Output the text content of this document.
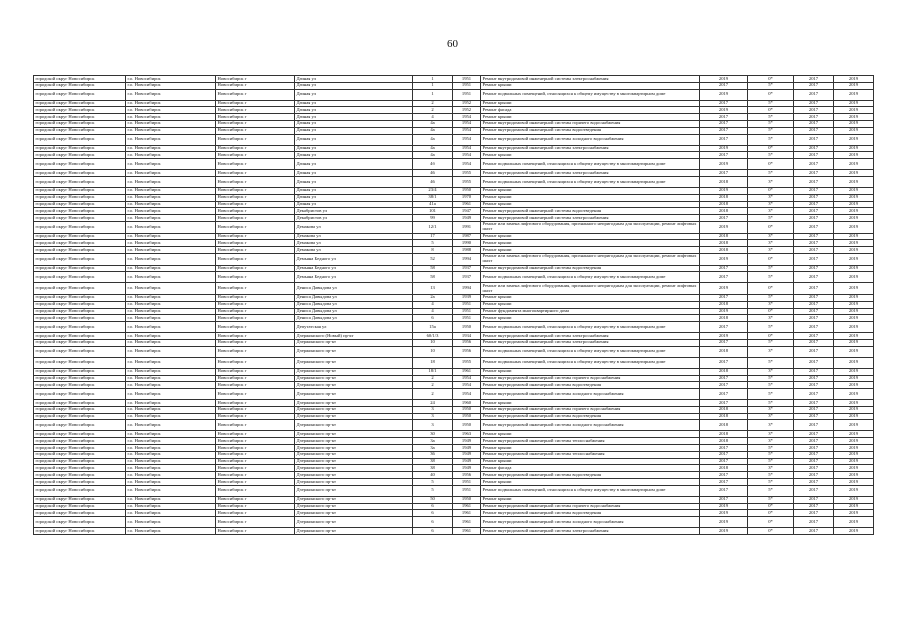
60
городской округ Новосибирск	г.о. Новосибирск	Новосибирск г	Дачная ул	1	1951	Ремонт внутридомовой инженерной системы электроснабжения	2019	0*	2017	2019
городской округ Новосибирск	г.о. Новосибирск	Новосибирск г	Дачная ул	1	1951	Ремонт крыши	2017	5*	2017	2019
городской округ Новосибирск	г.о. Новосибирск	Новосибирск г	Дачная ул	1	1951	Ремонт подвальных помещений, относящихся к общему имуществу в многоквартирном доме	2019	0*	2017	2019
городской округ Новосибирск	г.о. Новосибирск	Новосибирск г	Дачная ул	2	1952	Ремонт крыши	2017	5*	2017	2019
городской округ Новосибирск	г.о. Новосибирск	Новосибирск г	Дачная ул	2	1952	Ремонт фасада	2019	0*	2017	2019
городской округ Новосибирск	г.о. Новосибирск	Новосибирск г	Дачная ул	4	1954	Ремонт крыши	2017	5*	2017	2019
городской округ Новосибирск	г.о. Новосибирск	Новосибирск г	Дачная ул	4а	1954	Ремонт внутридомовой инженерной системы горячего водоснабжения	2017	5*	2017	2019
городской округ Новосибирск	г.о. Новосибирск	Новосибирск г	Дачная ул	4а	1954	Ремонт внутридомовой инженерной системы водоотведения	2017	5*	2017	2019
городской округ Новосибирск	г.о. Новосибирск	Новосибирск г	Дачная ул	4а	1954	Ремонт внутридомовой инженерной системы холодного водоснабжения	2017	5*	2017	2019
городской округ Новосибирск	г.о. Новосибирск	Новосибирск г	Дачная ул	4а	1954	Ремонт внутридомовой инженерной системы электроснабжения	2019	0*	2017	2019
городской округ Новосибирск	г.о. Новосибирск	Новосибирск г	Дачная ул	4а	1954	Ремонт крыши	2017	5*	2017	2019
городской округ Новосибирск	г.о. Новосибирск	Новосибирск г	Дачная ул	4б	1954	Ремонт подвальных помещений, относящихся к общему имуществу в многоквартирном доме	2019	0*	2017	2019
городской округ Новосибирск	г.о. Новосибирск	Новосибирск г	Дачная ул	46	1955	Ремонт внутридомовой инженерной системы электроснабжения	2017	5*	2017	2019
городской округ Новосибирск	г.о. Новосибирск	Новосибирск г	Дачная ул	46	1955	Ремонт подвальных помещений, относящихся к общему имуществу в многоквартирном доме	2018	3*	2017	2019
городской округ Новосибирск	г.о. Новосибирск	Новосибирск г	Дачная ул	23/4	1950	Ремонт крыши	2019	0*	2017	2019
городской округ Новосибирск	г.о. Новосибирск	Новосибирск г	Дачная ул	38/1	1970	Ремонт крыши	2018	3*	2017	2019
городской округ Новосибирск	г.о. Новосибирск	Новосибирск г	Дачная ул	41а	1961	Ремонт крыши	2018	3*	2017	2019
городской округ Новосибирск	г.о. Новосибирск	Новосибирск г	Декабристов ул	101	1947	Ремонт внутридомовой инженерной системы водоотведения	2018	3*	2017	2019
городской округ Новосибирск	г.о. Новосибирск	Новосибирск г	Декабристов ул	99	1949	Ремонт внутридомовой инженерной системы электроснабжения	2017	5*	2017	2019
городской округ Новосибирск	г.о. Новосибирск	Новосибирск г	Демакова ул	12/1	1991	Ремонт или замена лифтового оборудования, признанного непригодным для эксплуатации, ремонт лифтовых шахт	2019	0*	2017	2019
городской округ Новосибирск	г.о. Новосибирск	Новосибирск г	Демакова ул	17	1987	Ремонт крыши	2018	3*	2017	2019
городской округ Новосибирск	г.о. Новосибирск	Новосибирск г	Демакова ул	5	1990	Ремонт крыши	2018	3*	2017	2019
городской округ Новосибирск	г.о. Новосибирск	Новосибирск г	Демакова ул	8	1988	Ремонт крыши	2018	3*	2017	2019
городской округ Новосибирск	г.о. Новосибирск	Новосибирск г	Демьяна Бедного ул	52	1994	Ремонт или замена лифтового оборудования, признанного непригодным для эксплуатации, ремонт лифтовых шахт	2019	0*	2017	2019
городской округ Новосибирск	г.о. Новосибирск	Новосибирск г	Демьяна Бедного ул	58	1937	Ремонт внутридомовой инженерной системы водоотведения	2017	5*	2017	2019
городской округ Новосибирск	г.о. Новосибирск	Новосибирск г	Демьяна Бедного ул	58	1937	Ремонт подвальных помещений, относящихся к общему имуществу в многоквартирном доме	2017	5*	2017	2019
городской округ Новосибирск	г.о. Новосибирск	Новосибирск г	Дениса Давыдова ул	13	1994	Ремонт или замена лифтового оборудования, признанного непригодным для эксплуатации, ремонт лифтовых шахт	2019	0*	2017	2019
городской округ Новосибирск	г.о. Новосибирск	Новосибирск г	Дениса Давыдова ул	2а	1939	Ремонт крыши	2017	5*	2017	2019
городской округ Новосибирск	г.о. Новосибирск	Новосибирск г	Дениса Давыдова ул	4	1951	Ремонт крыши	2018	3*	2017	2019
городской округ Новосибирск	г.о. Новосибирск	Новосибирск г	Дениса Давыдова ул	4	1951	Ремонт фундамента многоквартирного дома	2019	0*	2017	2019
городской округ Новосибирск	г.о. Новосибирск	Новосибирск г	Дениса Давыдова ул	6	1951	Ремонт крыши	2018	3*	2017	2019
городской округ Новосибирск	г.о. Новосибирск	Новосибирск г	Депутатская ул	15а	1950	Ремонт подвальных помещений, относящихся к общему имуществу в многоквартирном доме	2017	5*	2017	2019
городской округ Новосибирск	г.о. Новосибирск	Новосибирск г	Дзержинского (Новый) пр-кт	60/1/3	1934	Ремонт внутридомовой инженерной системы электроснабжения	2019	0*	2017	2019
городской округ Новосибирск	г.о. Новосибирск	Новосибирск г	Дзержинского пр-кт	10	1956	Ремонт внутридомовой инженерной системы электроснабжения	2017	5*	2017	2019
городской округ Новосибирск	г.о. Новосибирск	Новосибирск г	Дзержинского пр-кт	10	1956	Ремонт подвальных помещений, относящихся к общему имуществу в многоквартирном доме	2018	3*	2017	2019
городской округ Новосибирск	г.о. Новосибирск	Новосибирск г	Дзержинского пр-кт	18	1955	Ремонт подвальных помещений, относящихся к общему имуществу в многоквартирном доме	2017	5*	2017	2019
городской округ Новосибирск	г.о. Новосибирск	Новосибирск г	Дзержинского пр-кт	18/1	1961	Ремонт крыши	2018	3*	2017	2019
городской округ Новосибирск	г.о. Новосибирск	Новосибирск г	Дзержинского пр-кт	2	1954	Ремонт внутридомовой инженерной системы горячего водоснабжения	2017	5*	2017	2019
городской округ Новосибирск	г.о. Новосибирск	Новосибирск г	Дзержинского пр-кт	2	1954	Ремонт внутридомовой инженерной системы водоотведения	2017	5*	2017	2019
городской округ Новосибирск	г.о. Новосибирск	Новосибирск г	Дзержинского пр-кт	2	1954	Ремонт внутридомовой инженерной системы холодного водоснабжения	2017	5*	2017	2019
городской округ Новосибирск	г.о. Новосибирск	Новосибирск г	Дзержинского пр-кт	24	1960	Ремонт крыши	2017	5*	2017	2019
городской округ Новосибирск	г.о. Новосибирск	Новосибирск г	Дзержинского пр-кт	3	1950	Ремонт внутридомовой инженерной системы горячего водоснабжения	2018	3*	2017	2019
городской округ Новосибирск	г.о. Новосибирск	Новосибирск г	Дзержинского пр-кт	3	1950	Ремонт внутридомовой инженерной системы водоотведения	2018	3*	2017	2019
городской округ Новосибирск	г.о. Новосибирск	Новосибирск г	Дзержинского пр-кт	3	1950	Ремонт внутридомовой инженерной системы холодного водоснабжения	2018	3*	2017	2019
городской округ Новосибирск	г.о. Новосибирск	Новосибирск г	Дзержинского пр-кт	30	1963	Ремонт крыши	2018	3*	2017	2019
городской округ Новосибирск	г.о. Новосибирск	Новосибирск г	Дзержинского пр-кт	3а	1949	Ремонт внутридомовой инженерной системы теплоснабжения	2018	3*	2017	2019
городской округ Новосибирск	г.о. Новосибирск	Новосибирск г	Дзержинского пр-кт	3а	1949	Ремонт крыши	2017	5*	2017	2019
городской округ Новосибирск	г.о. Новосибирск	Новосибирск г	Дзержинского пр-кт	36	1949	Ремонт внутридомовой инженерной системы теплоснабжения	2017	5*	2017	2019
городской округ Новосибирск	г.о. Новосибирск	Новосибирск г	Дзержинского пр-кт	38	1949	Ремонт крыши	2017	5*	2017	2019
городской округ Новосибирск	г.о. Новосибирск	Новосибирск г	Дзержинского пр-кт	38	1949	Ремонт фасада	2018	3*	2017	2019
городской округ Новосибирск	г.о. Новосибирск	Новосибирск г	Дзержинского пр-кт	40	1956	Ремонт внутридомовой инженерной системы водоотведения	2017	5*	2017	2019
городской округ Новосибирск	г.о. Новосибирск	Новосибирск г	Дзержинского пр-кт	5	1951	Ремонт крыши	2017	5*	2017	2019
городской округ Новосибирск	г.о. Новосибирск	Новосибирск г	Дзержинского пр-кт	5	1951	Ремонт подвальных помещений, относящихся к общему имуществу в многоквартирном доме	2017	5*	2017	2019
городской округ Новосибирск	г.о. Новосибирск	Новосибирск г	Дзержинского пр-кт	50	1950	Ремонт крыши	2017	5*	2017	2019
городской округ Новосибирск	г.о. Новосибирск	Новосибирск г	Дзержинского пр-кт	6	1961	Ремонт внутридомовой инженерной системы горячего водоснабжения	2019	0*	2017	2019
городской округ Новосибирск	г.о. Новосибирск	Новосибирск г	Дзержинского пр-кт	6	1961	Ремонт внутридомовой инженерной системы водоотведения	2019	0*	2017	2019
городской округ Новосибирск	г.о. Новосибирск	Новосибирск г	Дзержинского пр-кт	6	1961	Ремонт внутридомовой инженерной системы холодного водоснабжения	2019	0*	2017	2019
городской округ Новосибирск	г.о. Новосибирск	Новосибирск г	Дзержинского пр-кт	6	1961	Ремонт внутридомовой инженерной системы электроснабжения	2019	0*	2017	2019
